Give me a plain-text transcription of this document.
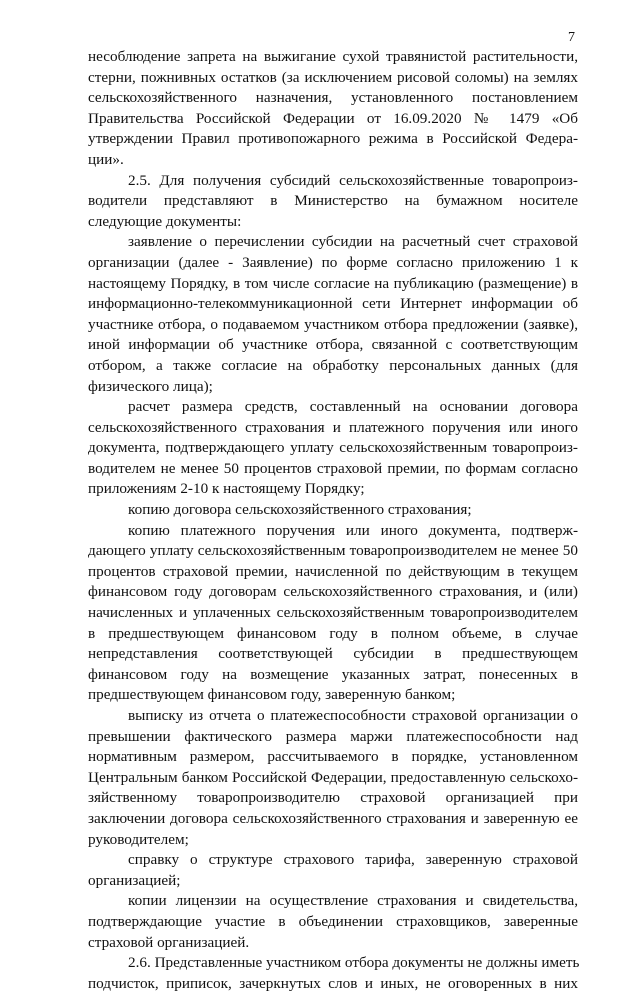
7
несоблюдение запрета на выжигание сухой травянистой растительности,
стерни, пожнивных остатков (за исключением рисовой соломы) на землях
сельскохозяйственного назначения, установленного постановлением
Правительства Российской Федерации от 16.09.2020 № 1479 «Об
утверждении Правил противопожарного режима в Российской Федера-
ции».
2.5. Для получения субсидий сельскохозяйственные товаропроиз-
водители представляют в Министерство на бумажном носителе
следующие документы:
заявление о перечислении субсидии на расчетный счет страховой
организации (далее - Заявление) по форме согласно приложению 1 к
настоящему Порядку, в том числе согласие на публикацию (размещение) в
информационно-телекоммуникационной сети Интернет информации об
участнике отбора, о подаваемом участником отбора предложении (заявке),
иной информации об участнике отбора, связанной с соответствующим
отбором, а также согласие на обработку персональных данных (для
физического лица);
расчет размера средств, составленный на основании договора
сельскохозяйственного страхования и платежного поручения или иного
документа, подтверждающего уплату сельскохозяйственным товаропроиз-
водителем не менее 50 процентов страховой премии, по формам согласно
приложениям 2-10 к настоящему Порядку;
копию договора сельскохозяйственного страхования;
копию платежного поручения или иного документа, подтверж-
дающего уплату сельскохозяйственным товаропроизводителем не менее 50
процентов страховой премии, начисленной по действующим в текущем
финансовом году договорам сельскохозяйственного страхования, и (или)
начисленных и уплаченных сельскохозяйственным товаропроизводителем
в предшествующем финансовом году в полном объеме, в случае
непредставления соответствующей субсидии в предшествующем
финансовом году на возмещение указанных затрат, понесенных в
предшествующем финансовом году, заверенную банком;
выписку из отчета о платежеспособности страховой организации о
превышении фактического размера маржи платежеспособности над
нормативным размером, рассчитываемого в порядке, установленном
Центральным банком Российской Федерации, предоставленную сельскохо-
зяйственному товаропроизводителю страховой организацией при
заключении договора сельскохозяйственного страхования и заверенную ее
руководителем;
справку о структуре страхового тарифа, заверенную страховой
организацией;
копии лицензии на осуществление страхования и свидетельства,
подтверждающие участие в объединении страховщиков, заверенные
страховой организацией.
2.6. Представленные участником отбора документы не должны иметь
подчисток, приписок, зачеркнутых слов и иных, не оговоренных в них
